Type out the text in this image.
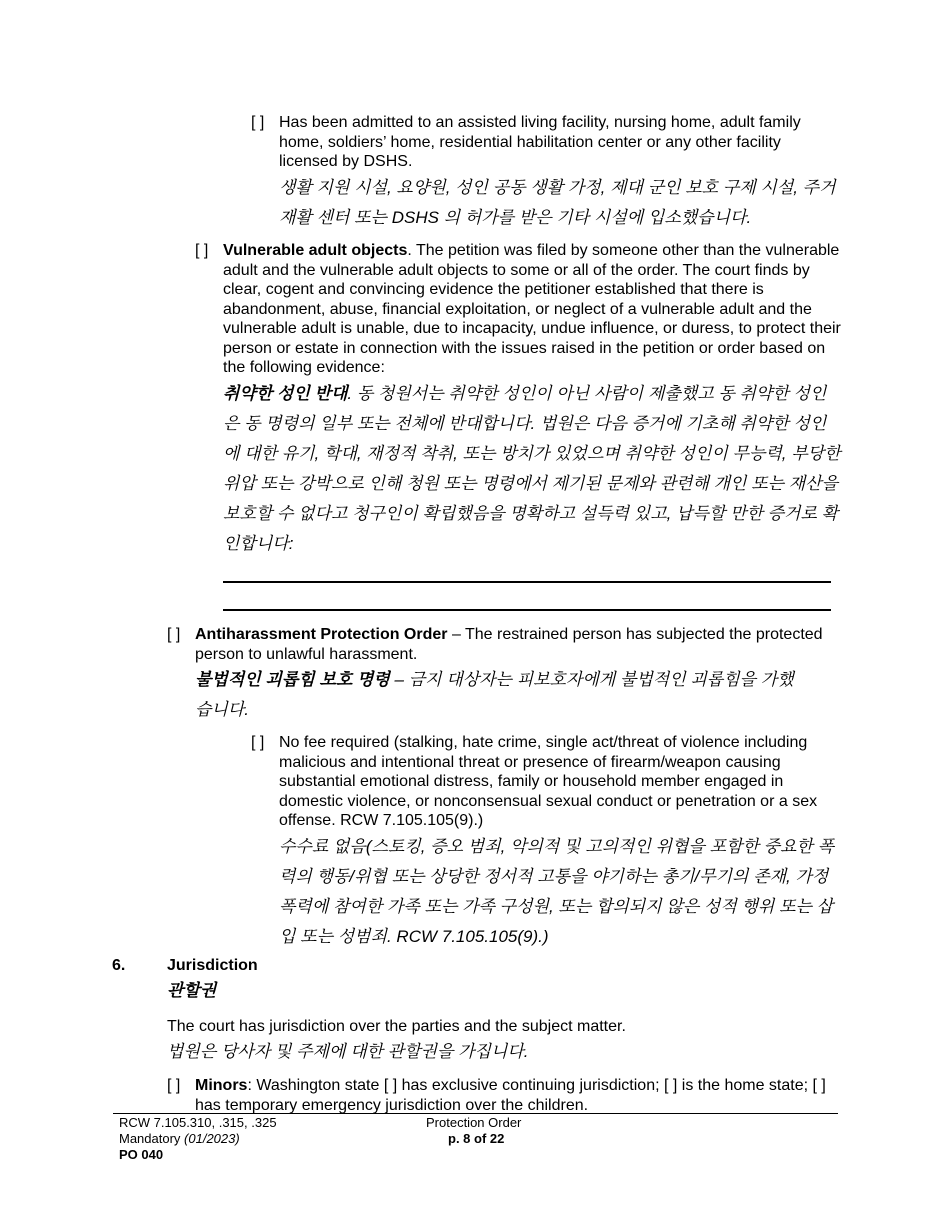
[ ] Has been admitted to an assisted living facility, nursing home, adult family home, soldiers’ home, residential habilitation center or any other facility licensed by DSHS.
생활 지원 시설, 요양원, 성인 공동 생활 가정, 제대 군인 보호 구제 시설, 주거 재활 센터 또는 DSHS 의 허가를 받은 기타 시설에 입소했습니다.
[ ] Vulnerable adult objects. The petition was filed by someone other than the vulnerable adult and the vulnerable adult objects to some or all of the order. The court finds by clear, cogent and convincing evidence the petitioner established that there is abandonment, abuse, financial exploitation, or neglect of a vulnerable adult and the vulnerable adult is unable, due to incapacity, undue influence, or duress, to protect their person or estate in connection with the issues raised in the petition or order based on the following evidence:
취약한 성인 반대. 동 청원서는 취약한 성인이 아닌 사람이 제출했고 동 취약한 성인은 동 명령의 일부 또는 전체에 반대합니다. 법원은 다음 증거에 기초해 취약한 성인에 대한 유기, 학대, 재정적 착취, 또는 방치가 있었으며 취약한 성인이 무능력, 부당한 위압 또는 강박으로 인해 청원 또는 명령에서 제기된 문제와 관련해 개인 또는 재산을 보호할 수 없다고 청구인이 확립했음을 명확하고 설득력 있고, 납득할 만한 증거로 확인합니다:
[ ] Antiharassment Protection Order – The restrained person has subjected the protected person to unlawful harassment.
불법적인 괴롭힘 보호 명령 – 금지 대상자는 피보호자에게 불법적인 괴롭힘을 가했습니다.
[ ] No fee required (stalking, hate crime, single act/threat of violence including malicious and intentional threat or presence of firearm/weapon causing substantial emotional distress, family or household member engaged in domestic violence, or nonconsensual sexual conduct or penetration or a sex offense. RCW 7.105.105(9).)
수수료 없음(스토킹, 증오 범죄, 악의적 및 고의적인 위협을 포함한 중요한 폭력의 행동/위협 또는 상당한 정서적 고통을 야기하는 총기/무기의 존재, 가정 폭력에 참여한 가족 또는 가족 구성원, 또는 합의되지 않은 성적 행위 또는 삽입 또는 성범죄. RCW 7.105.105(9).)
6.	Jurisdiction
관할권
The court has jurisdiction over the parties and the subject matter.
법원은 당사자 및 주제에 대한 관할권을 가집니다.
[ ] Minors: Washington state [ ] has exclusive continuing jurisdiction; [ ] is the home state; [ ] has temporary emergency jurisdiction over the children.
RCW 7.105.310, .315, .325
Mandatory (01/2023)
PO 040
Protection Order
p. 8 of 22
